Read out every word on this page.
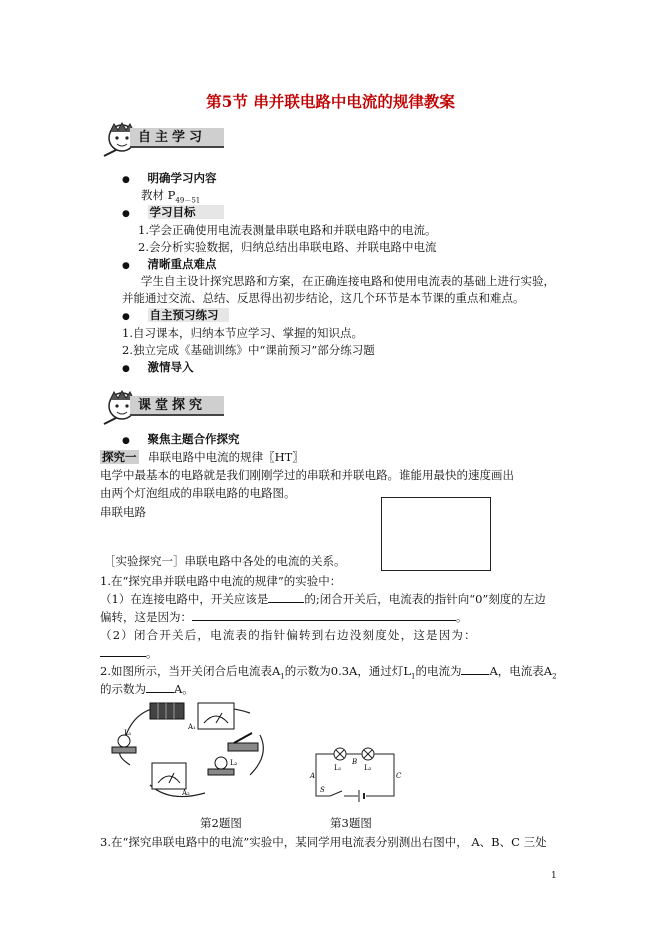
第5节 串并联电路中电流的规律教案
自主学习
● 明确学习内容
教材 $P_{49-51}$
● 学习目标
1.学会正确使用电流表测量串联电路和并联电路中的电流。
2.会分析实验数据，归纳总结出串联电路、并联电路中电流
● 清晰重点难点
学生自主设计探究思路和方案，在正确连接电路和使用电流表的基础上进行实验，
并能通过交流、总结、反思得出初步结论，这几个环节是本节课的重点和难点。
● 自主预习练习
1.自习课本，归纳本节应学习、掌握的知识点。
2.独立完成《基础训练》中“课前预习”部分练习题
● 激情导入
课堂探究
● 聚焦主题合作探究
探究一 串联电路中电流的规律〖HT〗
电学中最基本的电路就是我们刚刚学过的串联和并联电路。谁能用最快的速度画出
由两个灯泡组成的串联电路的电路图。
串联电路
［实验探究一］串联电路中各处的电流的关系。
1.在“探究串并联电路中电流的规律”的实验中：
（1）在连接电路中，开关应该是	的;闭合开关后，电流表的指针向“0”刻度的左边
偏转，这是因为：	。
（2）闭合开关后，电流表的指针偏转到右边没刻度处，这是因为：
。
2.如图所示，当开关闭合后电流表$A_1$的示数为0.3A，通过灯$L_1$的电流为 A，电流表$A_2$
的示数为 A。
A₁
L₁
A₂
L₂
L₁	L₂
A
B
C
S
第2题图	第3题图
3.在“探究串联电路中的电流”实验中，某同学用电流表分别测出右图中， A、B、C 三处
1
